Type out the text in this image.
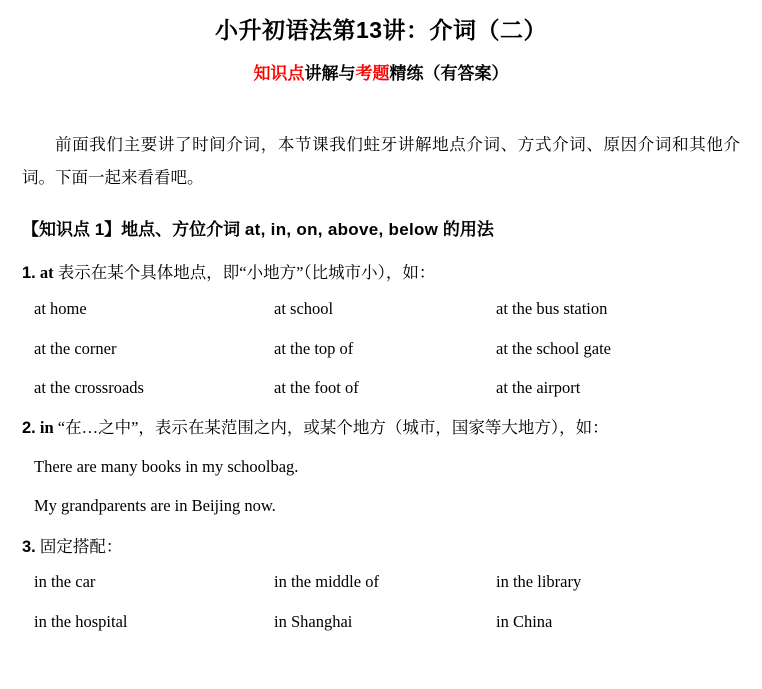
小升初语法第13讲：介词（二）
知识点讲解与考题精练（有答案）

前面我们主要讲了时间介词，本节课我们蛀牙讲解地点介词、方式介词、原因介词和其他介词。下面一起来看看吧。

【知识点 1】地点、方位介词 at, in, on, above, below 的用法
1. at 表示在某个具体地点，即“小地方”（比城市小），如：
at home	at school	at the bus station
at the corner	at the top of	at the school gate
at the crossroads	at the foot of	at the airport
2. in “在…之中”，表示在某范围之内，或某个地方（城市，国家等大地方），如：
There are many books in my schoolbag.
My grandparents are in Beijing now.
3. 固定搭配：
in the car	in the middle of	in the library
in the hospital	in Shanghai	in China
